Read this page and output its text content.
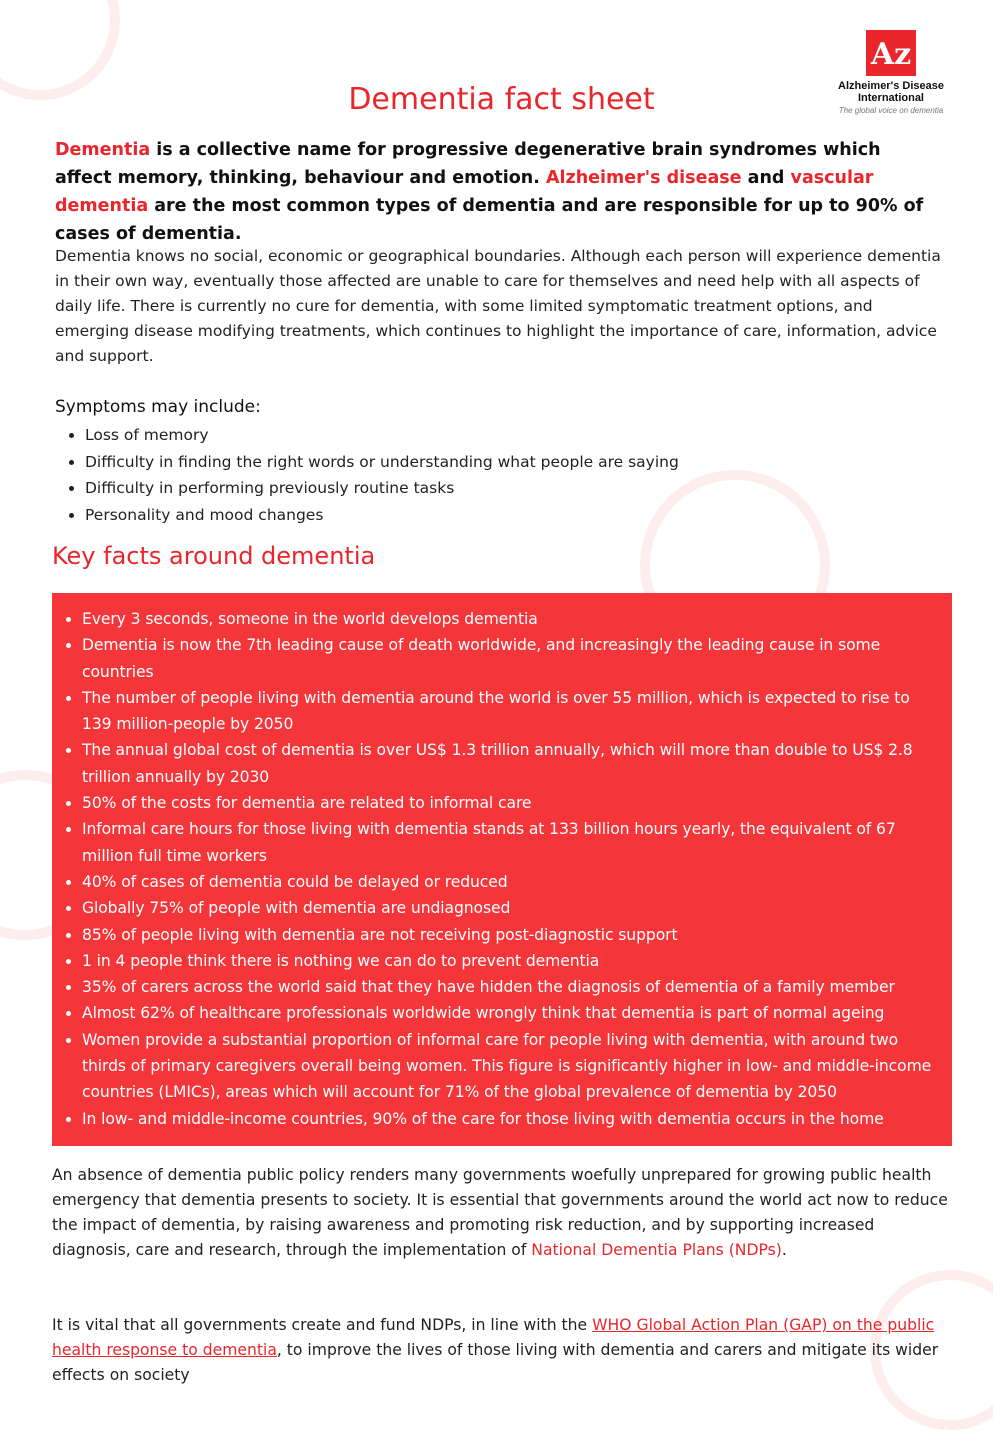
Az
Alzheimer's Disease
International
The global voice on dementia
Dementia fact sheet

Dementia is a collective name for progressive degenerative brain syndromes which affect memory, thinking, behaviour and emotion. Alzheimer's disease and vascular dementia are the most common types of dementia and are responsible for up to 90% of cases of dementia.

Dementia knows no social, economic or geographical boundaries. Although each person will experience dementia in their own way, eventually those affected are unable to care for themselves and need help with all aspects of daily life. There is currently no cure for dementia, with some limited symptomatic treatment options, and emerging disease modifying treatments, which continues to highlight the importance of care, information, advice and support.

Symptoms may include:

• Loss of memory
• Difficulty in finding the right words or understanding what people are saying
• Difficulty in performing previously routine tasks
• Personality and mood changes
Key facts around dementia
• Every 3 seconds, someone in the world develops dementia
• Dementia is now the 7th leading cause of death worldwide, and increasingly the leading cause in some countries
• The number of people living with dementia around the world is over 55 million, which is expected to rise to 139 million-people by 2050
• The annual global cost of dementia is over US$ 1.3 trillion annually, which will more than double to US$ 2.8 trillion annually by 2030
• 50% of the costs for dementia are related to informal care
• Informal care hours for those living with dementia stands at 133 billion hours yearly, the equivalent of 67 million full time workers
• 40% of cases of dementia could be delayed or reduced
• Globally 75% of people with dementia are undiagnosed
• 85% of people living with dementia are not receiving post-diagnostic support
• 1 in 4 people think there is nothing we can do to prevent dementia
• 35% of carers across the world said that they have hidden the diagnosis of dementia of a family member
• Almost 62% of healthcare professionals worldwide wrongly think that dementia is part of normal ageing
• Women provide a substantial proportion of informal care for people living with dementia, with around two thirds of primary caregivers overall being women. This figure is significantly higher in low- and middle-income countries (LMICs), areas which will account for 71% of the global prevalence of dementia by 2050
• In low- and middle-income countries, 90% of the care for those living with dementia occurs in the home

An absence of dementia public policy renders many governments woefully unprepared for growing public health emergency that dementia presents to society. It is essential that governments around the world act now to reduce the impact of dementia, by raising awareness and promoting risk reduction, and by supporting increased diagnosis, care and research, through the implementation of National Dementia Plans (NDPs).

It is vital that all governments create and fund NDPs, in line with the WHO Global Action Plan (GAP) on the public health response to dementia, to improve the lives of those living with dementia and carers and mitigate its wider effects on society
